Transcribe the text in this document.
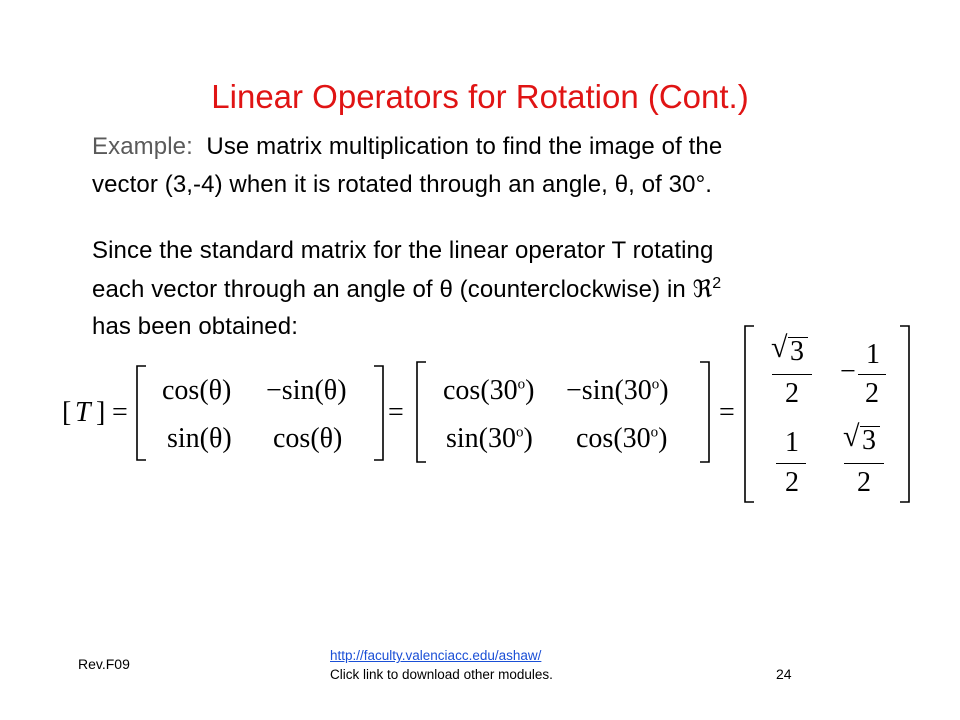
Linear Operators for Rotation (Cont.)
Example: Use matrix multiplication to find the image of the
vector (3,-4) when it is rotated through an angle, θ, of 30°.
Since the standard matrix for the linear operator T rotating
each vector through an angle of θ (counterclockwise) in ℜ$^2$
has been obtained:
[ T ] =
cos(θ) −sin(θ)
sin(θ) cos(θ)
=
$\cos(30^o) -\sin(30^o)$
sin(30$^o$) $\cos(30^o)$
=
√ 3
2
−
1
2
1
2
√ 3
2
Rev.F09
http://faculty.valenciacc.edu/ashaw/
Click link to download other modules.	24
